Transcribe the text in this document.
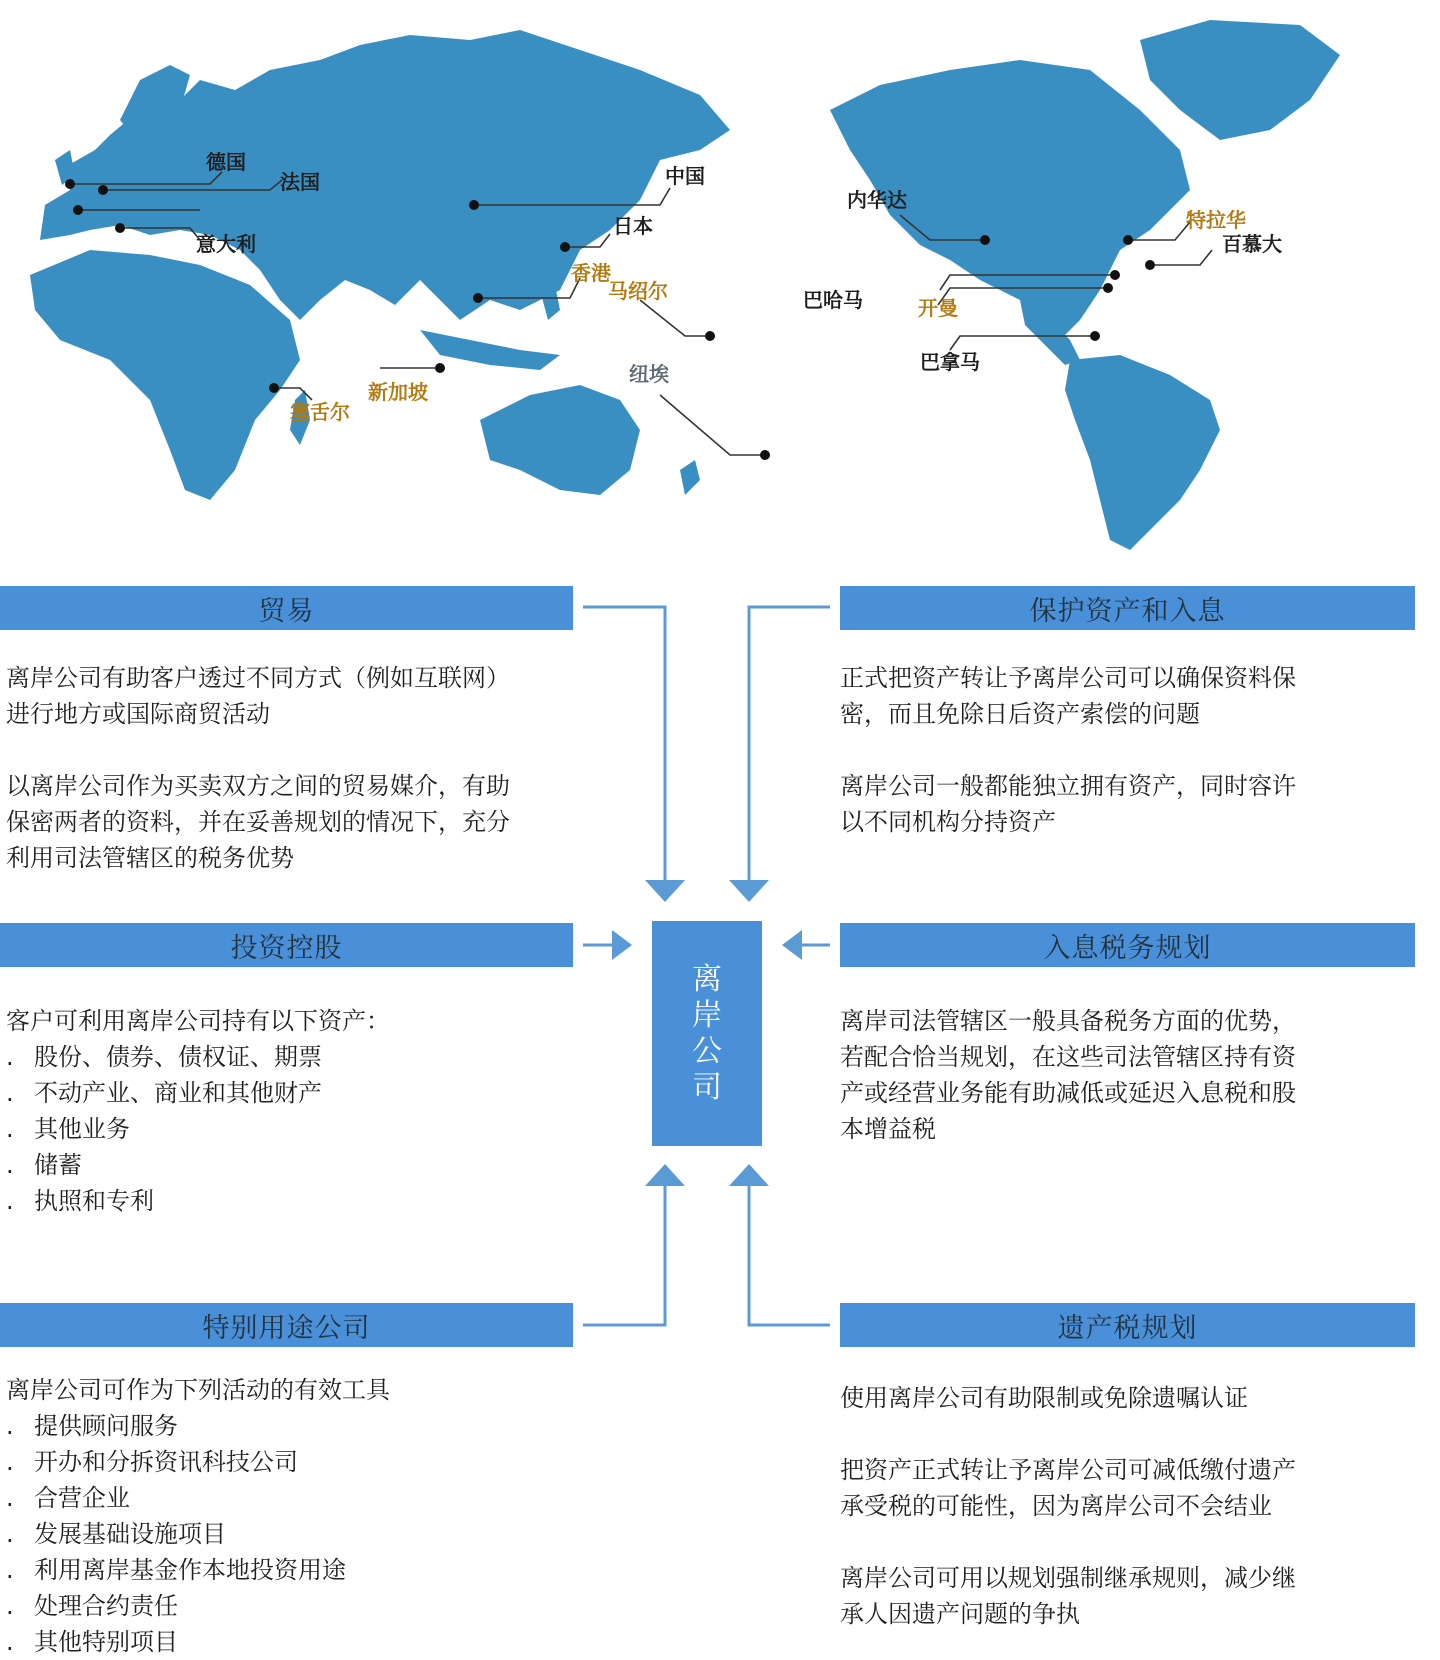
德国
法国
意大利
中国
日本
香港
马绍尔
新加坡
塞舌尔
纽埃
内华达
特拉华
百慕大
巴哈马	开曼
巴拿马
离
岸
公
司
贸易	保护资产和入息
投资控股	入息税务规划
特别用途公司	遗产税规划
离岸公司有助客户透过不同方式（例如互联网）
进行地方或国际商贸活动
以离岸公司作为买卖双方之间的贸易媒介，有助
保密两者的资料，并在妥善规划的情况下，充分
利用司法管辖区的税务优势
正式把资产转让予离岸公司可以确保资料保
密，而且免除日后资产索偿的问题
离岸公司一般都能独立拥有资产，同时容许
以不同机构分持资产
客户可利用离岸公司持有以下资产：
. 股份、债券、债权证、期票
. 不动产业、商业和其他财产
. 其他业务
. 储蓄
. 执照和专利
离岸司法管辖区一般具备税务方面的优势，
若配合恰当规划，在这些司法管辖区持有资
产或经营业务能有助减低或延迟入息税和股
本增益税
离岸公司可作为下列活动的有效工具
. 提供顾问服务
. 开办和分拆资讯科技公司
. 合营企业
. 发展基础设施项目
. 利用离岸基金作本地投资用途
. 处理合约责任
. 其他特别项目
使用离岸公司有助限制或免除遗嘱认证
把资产正式转让予离岸公司可减低缴付遗产
承受税的可能性，因为离岸公司不会结业
离岸公司可用以规划强制继承规则，减少继
承人因遗产问题的争执
